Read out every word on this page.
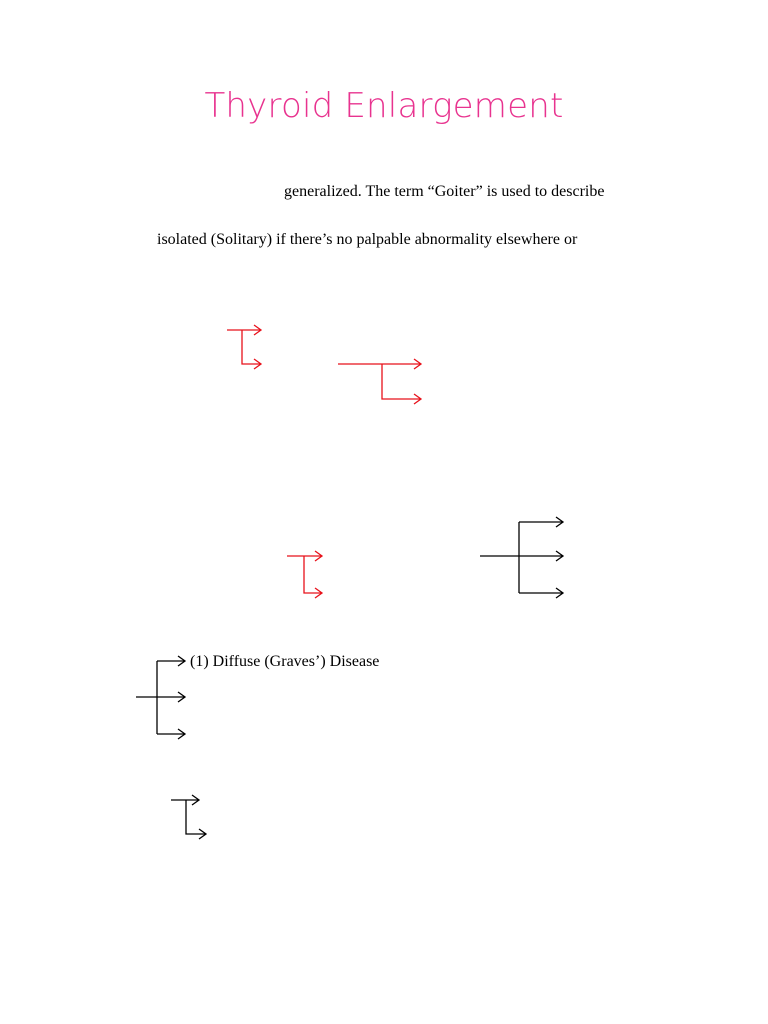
Thyroid Enlargement
generalized. The term “Goiter” is used to describe
isolated (Solitary) if there’s no palpable abnormality elsewhere or
(1) Diffuse (Graves’) Disease
